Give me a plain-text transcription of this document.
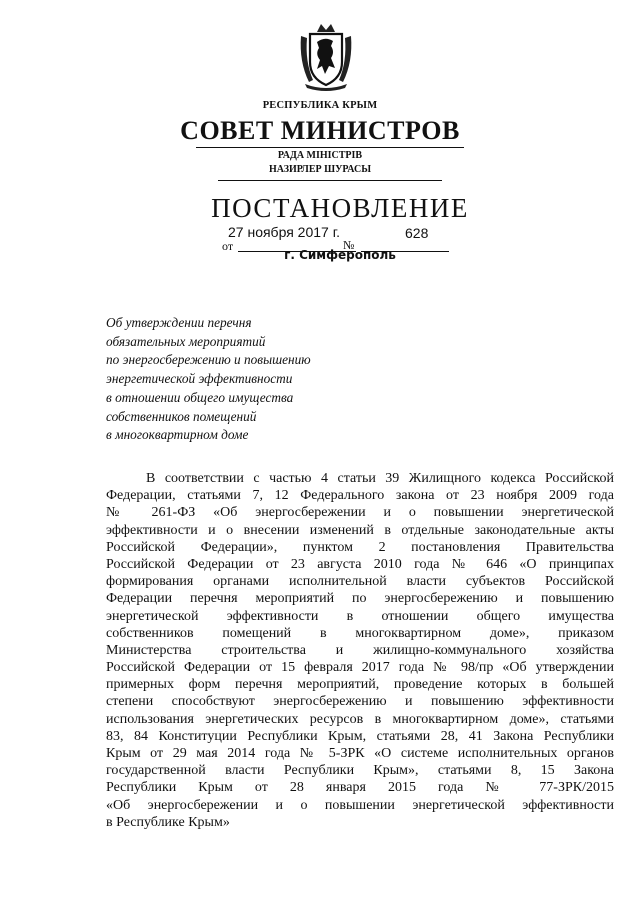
РЕСПУБЛИКА КРЫМ
СОВЕТ МИНИСТРОВ
РАДА МІНІСТРІВ
НАЗИРЛЕР ШУРАСЫ
ПОСТАНОВЛЕНИЕ
от
27 ноября 2017 г.
№
628
г. Симферополь
Об утверждении перечня
обязательных мероприятий
по энергосбережению и повышению
энергетической эффективности
в отношении общего имущества
собственников помещений
в многоквартирном доме
В соответствии с частью 4 статьи 39 Жилищного кодекса Российской
Федерации, статьями 7, 12 Федерального закона от 23 ноября 2009 года
№ 261-ФЗ «Об энергосбережении и о повышении энергетической
эффективности и о внесении изменений в отдельные законодательные акты
Российской Федерации», пунктом 2 постановления Правительства
Российской Федерации от 23 августа 2010 года № 646 «О принципах
формирования органами исполнительной власти субъектов Российской
Федерации перечня мероприятий по энергосбережению и повышению
энергетической эффективности в отношении общего имущества
собственников помещений в многоквартирном доме», приказом
Министерства строительства и жилищно-коммунального хозяйства
Российской Федерации от 15 февраля 2017 года № 98/пр «Об утверждении
примерных форм перечня мероприятий, проведение которых в большей
степени способствуют энергосбережению и повышению эффективности
использования энергетических ресурсов в многоквартирном доме», статьями
83, 84 Конституции Республики Крым, статьями 28, 41 Закона Республики
Крым от 29 мая 2014 года № 5-ЗРК «О системе исполнительных органов
государственной власти Республики Крым», статьями 8, 15 Закона
Республики Крым от 28 января 2015 года № 77-ЗРК/2015
«Об энергосбережении и о повышении энергетической эффективности
в Республике Крым»
